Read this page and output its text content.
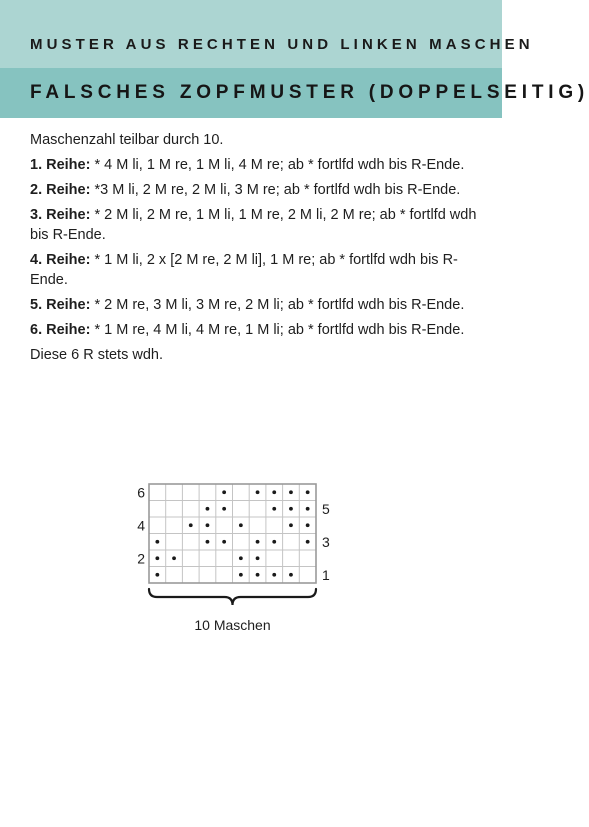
MUSTER AUS RECHTEN UND LINKEN MASCHEN
FALSCHES ZOPFMUSTER (DOPPELSEITIG)

Maschenzahl teilbar durch 10.

1. Reihe: * 4 M li, 1 M re, 1 M li, 4 M re; ab * fortlfd wdh bis R-Ende.

2. Reihe: *3 M li, 2 M re, 2 M li, 3 M re; ab * fortlfd wdh bis R-Ende.

3. Reihe: * 2 M li, 2 M re, 1 M li, 1 M re, 2 M li, 2 M re; ab * fortlfd wdh bis R-Ende.

4. Reihe: * 1 M li, 2 x [2 M re, 2 M li], 1 M re; ab * fortlfd wdh bis R-Ende.

5. Reihe: * 2 M re, 3 M li, 3 M re, 2 M li; ab * fortlfd wdh bis R-Ende.

6. Reihe: * 1 M re, 4 M li, 4 M re, 1 M li; ab * fortlfd wdh bis R-Ende.

Diese 6 R stets wdh.

6
4
2
5
3
1
10 Maschen
